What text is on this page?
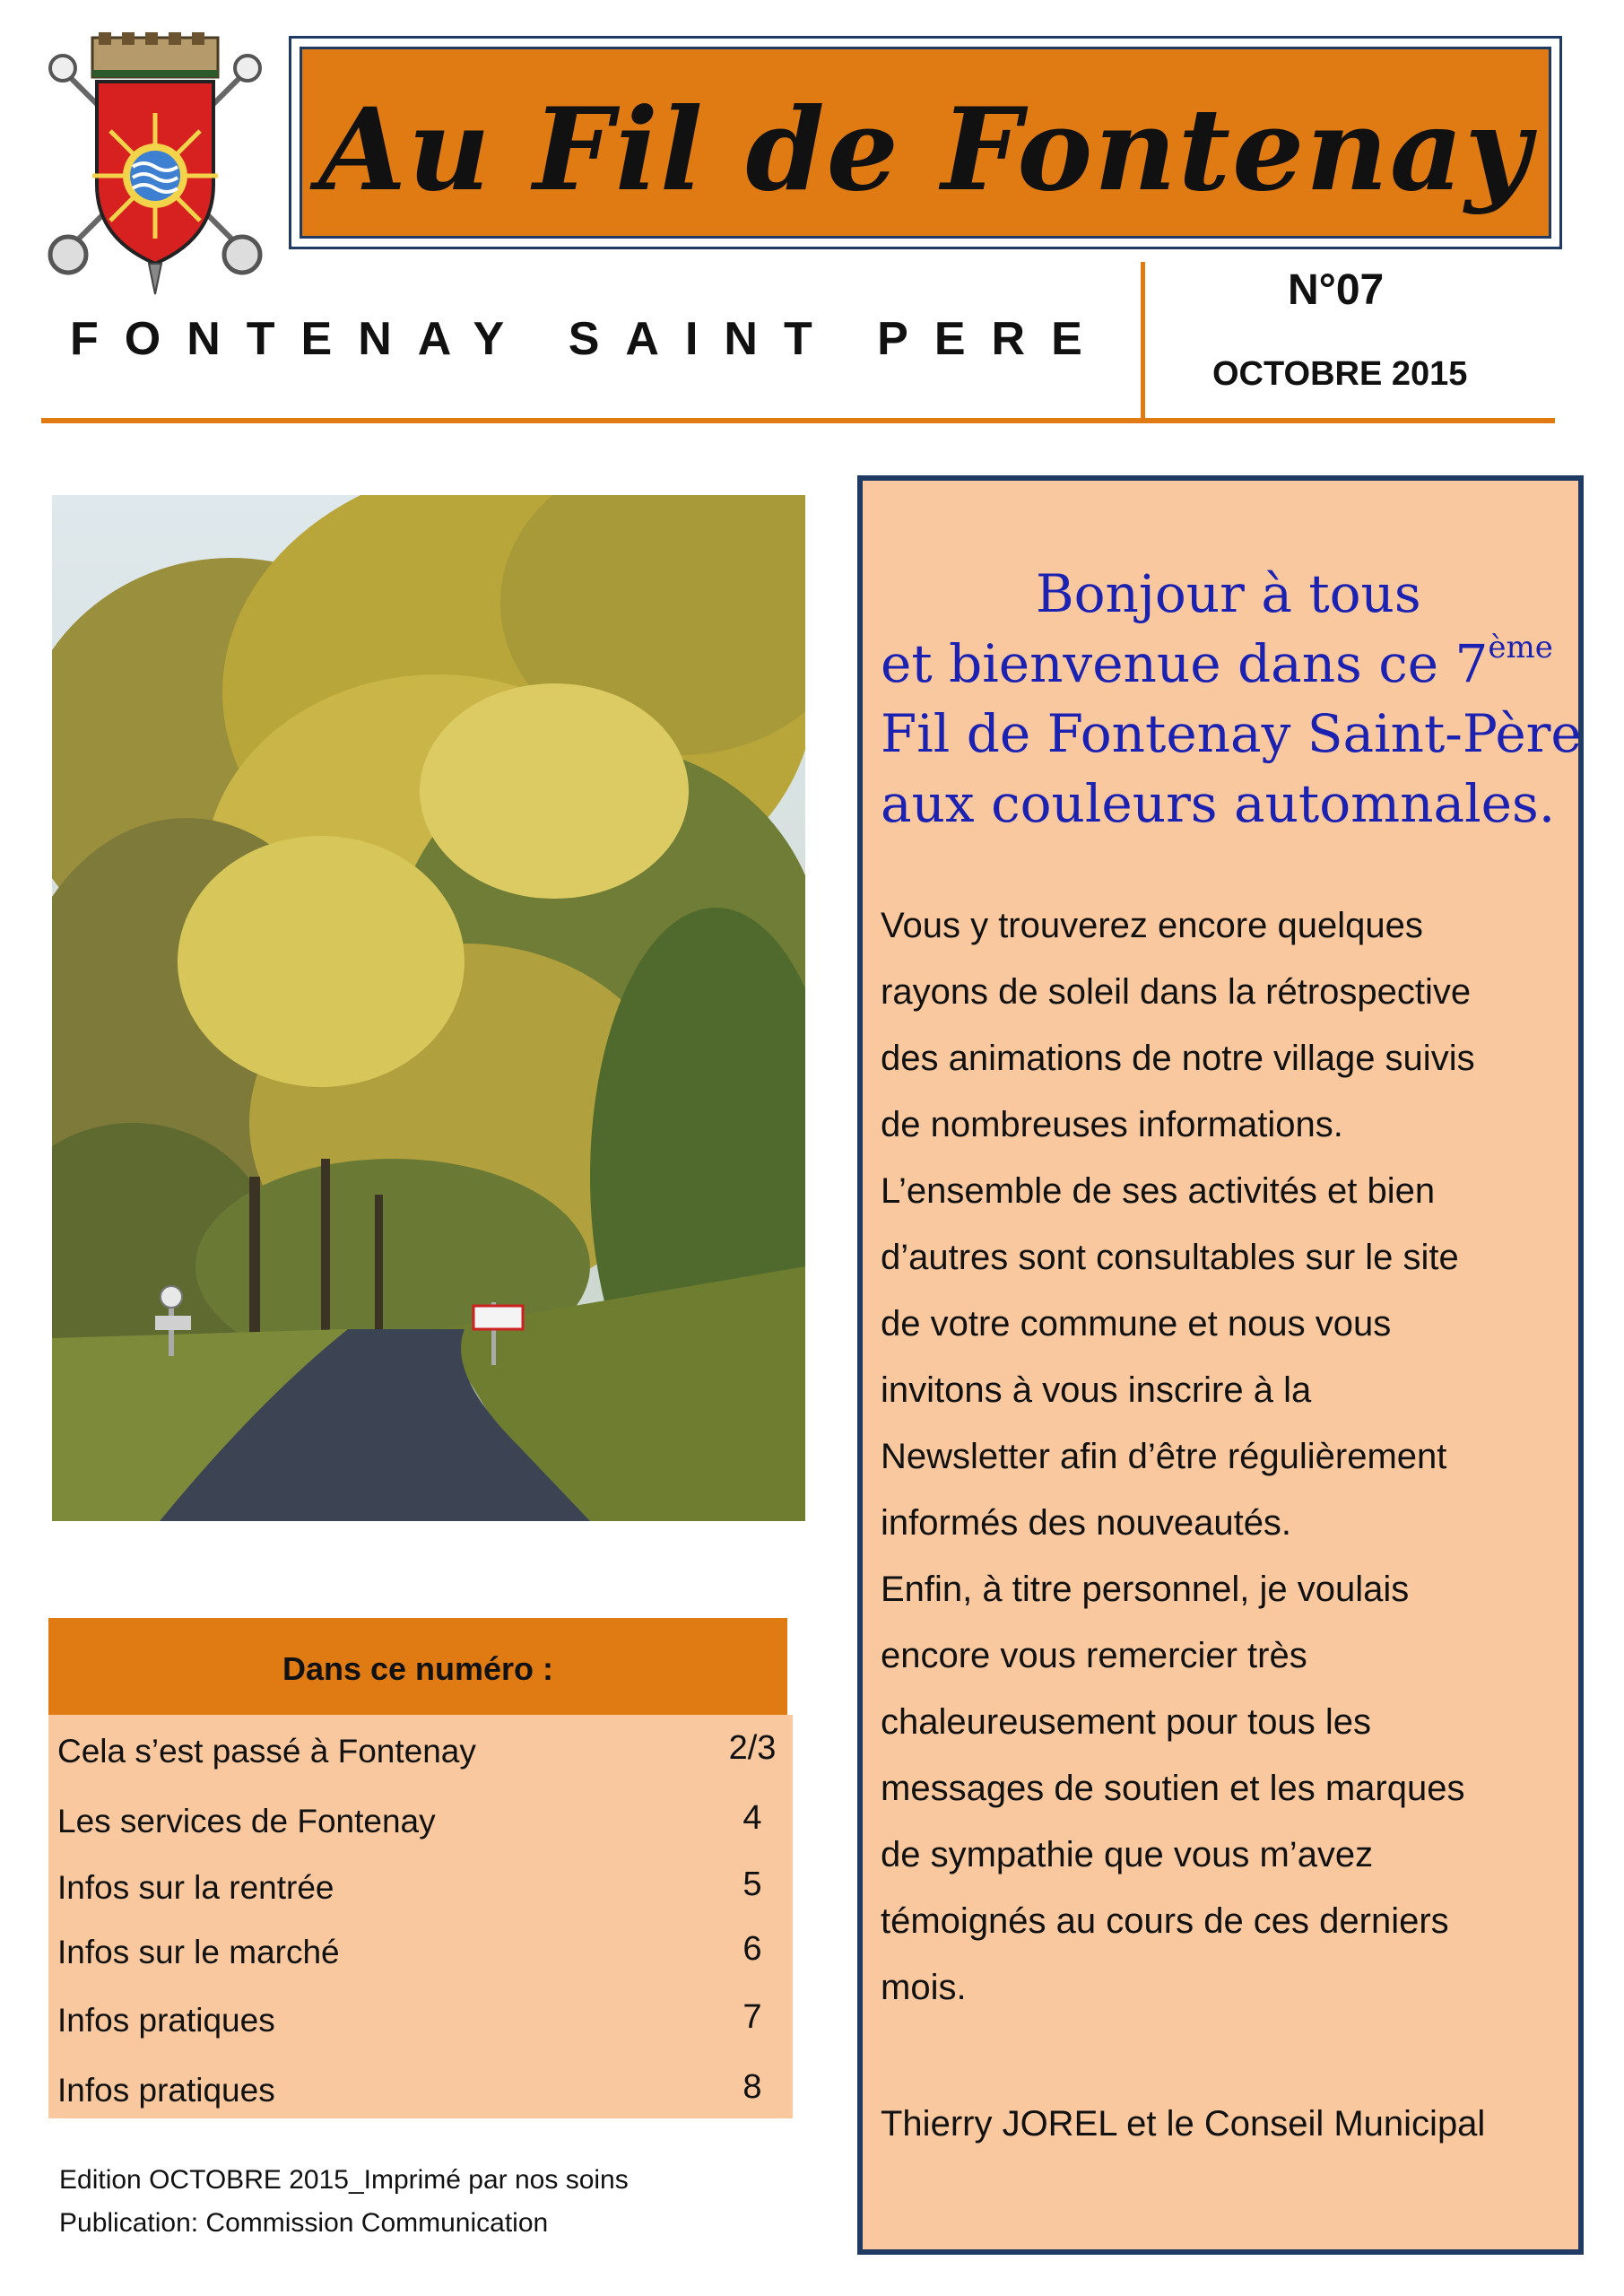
Au Fil de Fontenay
FONTENAY SAINT PERE
N°07
OCTOBRE 2015
Dans ce numéro :
Cela s’est passé à Fontenay	2/3
Les services de Fontenay	4
Infos sur la rentrée	5
Infos sur le marché	6
Infos pratiques	7
Infos pratiques	8
Edition OCTOBRE 2015_Imprimé par nos soins
Publication: Commission Communication
Bonjour à tous
et bienvenue dans ce 7ème
Fil de Fontenay Saint-Père
aux couleurs automnales.
Vous y trouverez encore quelques
rayons de soleil dans la rétrospective
des animations de notre village suivis
de nombreuses informations.
L’ensemble de ses activités et bien
d’autres sont consultables sur le site
de votre commune et nous vous
invitons à vous inscrire à la
Newsletter afin d’être régulièrement
informés des nouveautés.
Enfin, à titre personnel, je voulais
encore vous remercier très
chaleureusement pour tous les
messages de soutien et les marques
de sympathie que vous m’avez
témoignés au cours de ces derniers
mois.
Thierry JOREL et le Conseil Municipal
